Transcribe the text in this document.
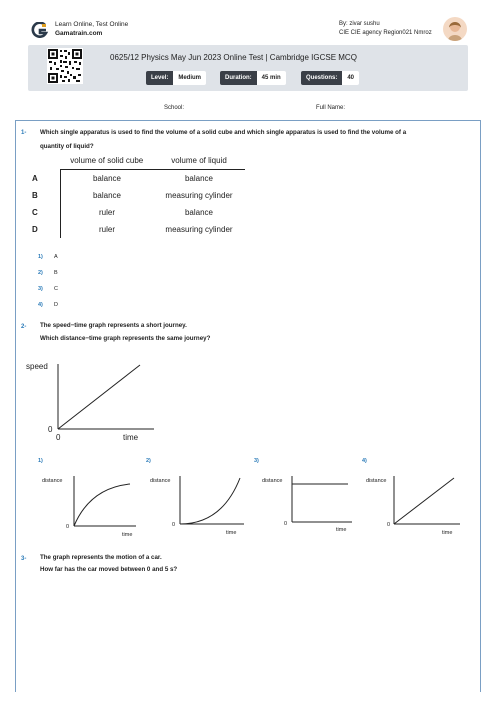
Learn Online, Test Online
Gamatrain.com
By: zivar sushu
CIE CIE agency Region021 Nmroz
0625/12 Physics May Jun 2023 Online Test | Cambridge IGCSE MCQ
Level:	Medium	Duration:	45 min	Questions:	40
School:	Full Name:
1- Which single apparatus is used to find the volume of a solid cube and which single apparatus is used to find the volume of a
quantity of liquid?
	volume of solid cube	volume of liquid
A	balance	balance
B	balance	measuring cylinder
C	ruler	balance
D	ruler	measuring cylinder
1) A
2) B
3) C
4) D
2- The speed−time graph represents a short journey.
Which distance−time graph represents the same journey?
speed
0
0	time
1)
distance
0
time
2)
distance
0
time
3)
distance
0
time
4)
distance
0
time
3- The graph represents the motion of a car.
How far has the car moved between 0 and 5 s?
